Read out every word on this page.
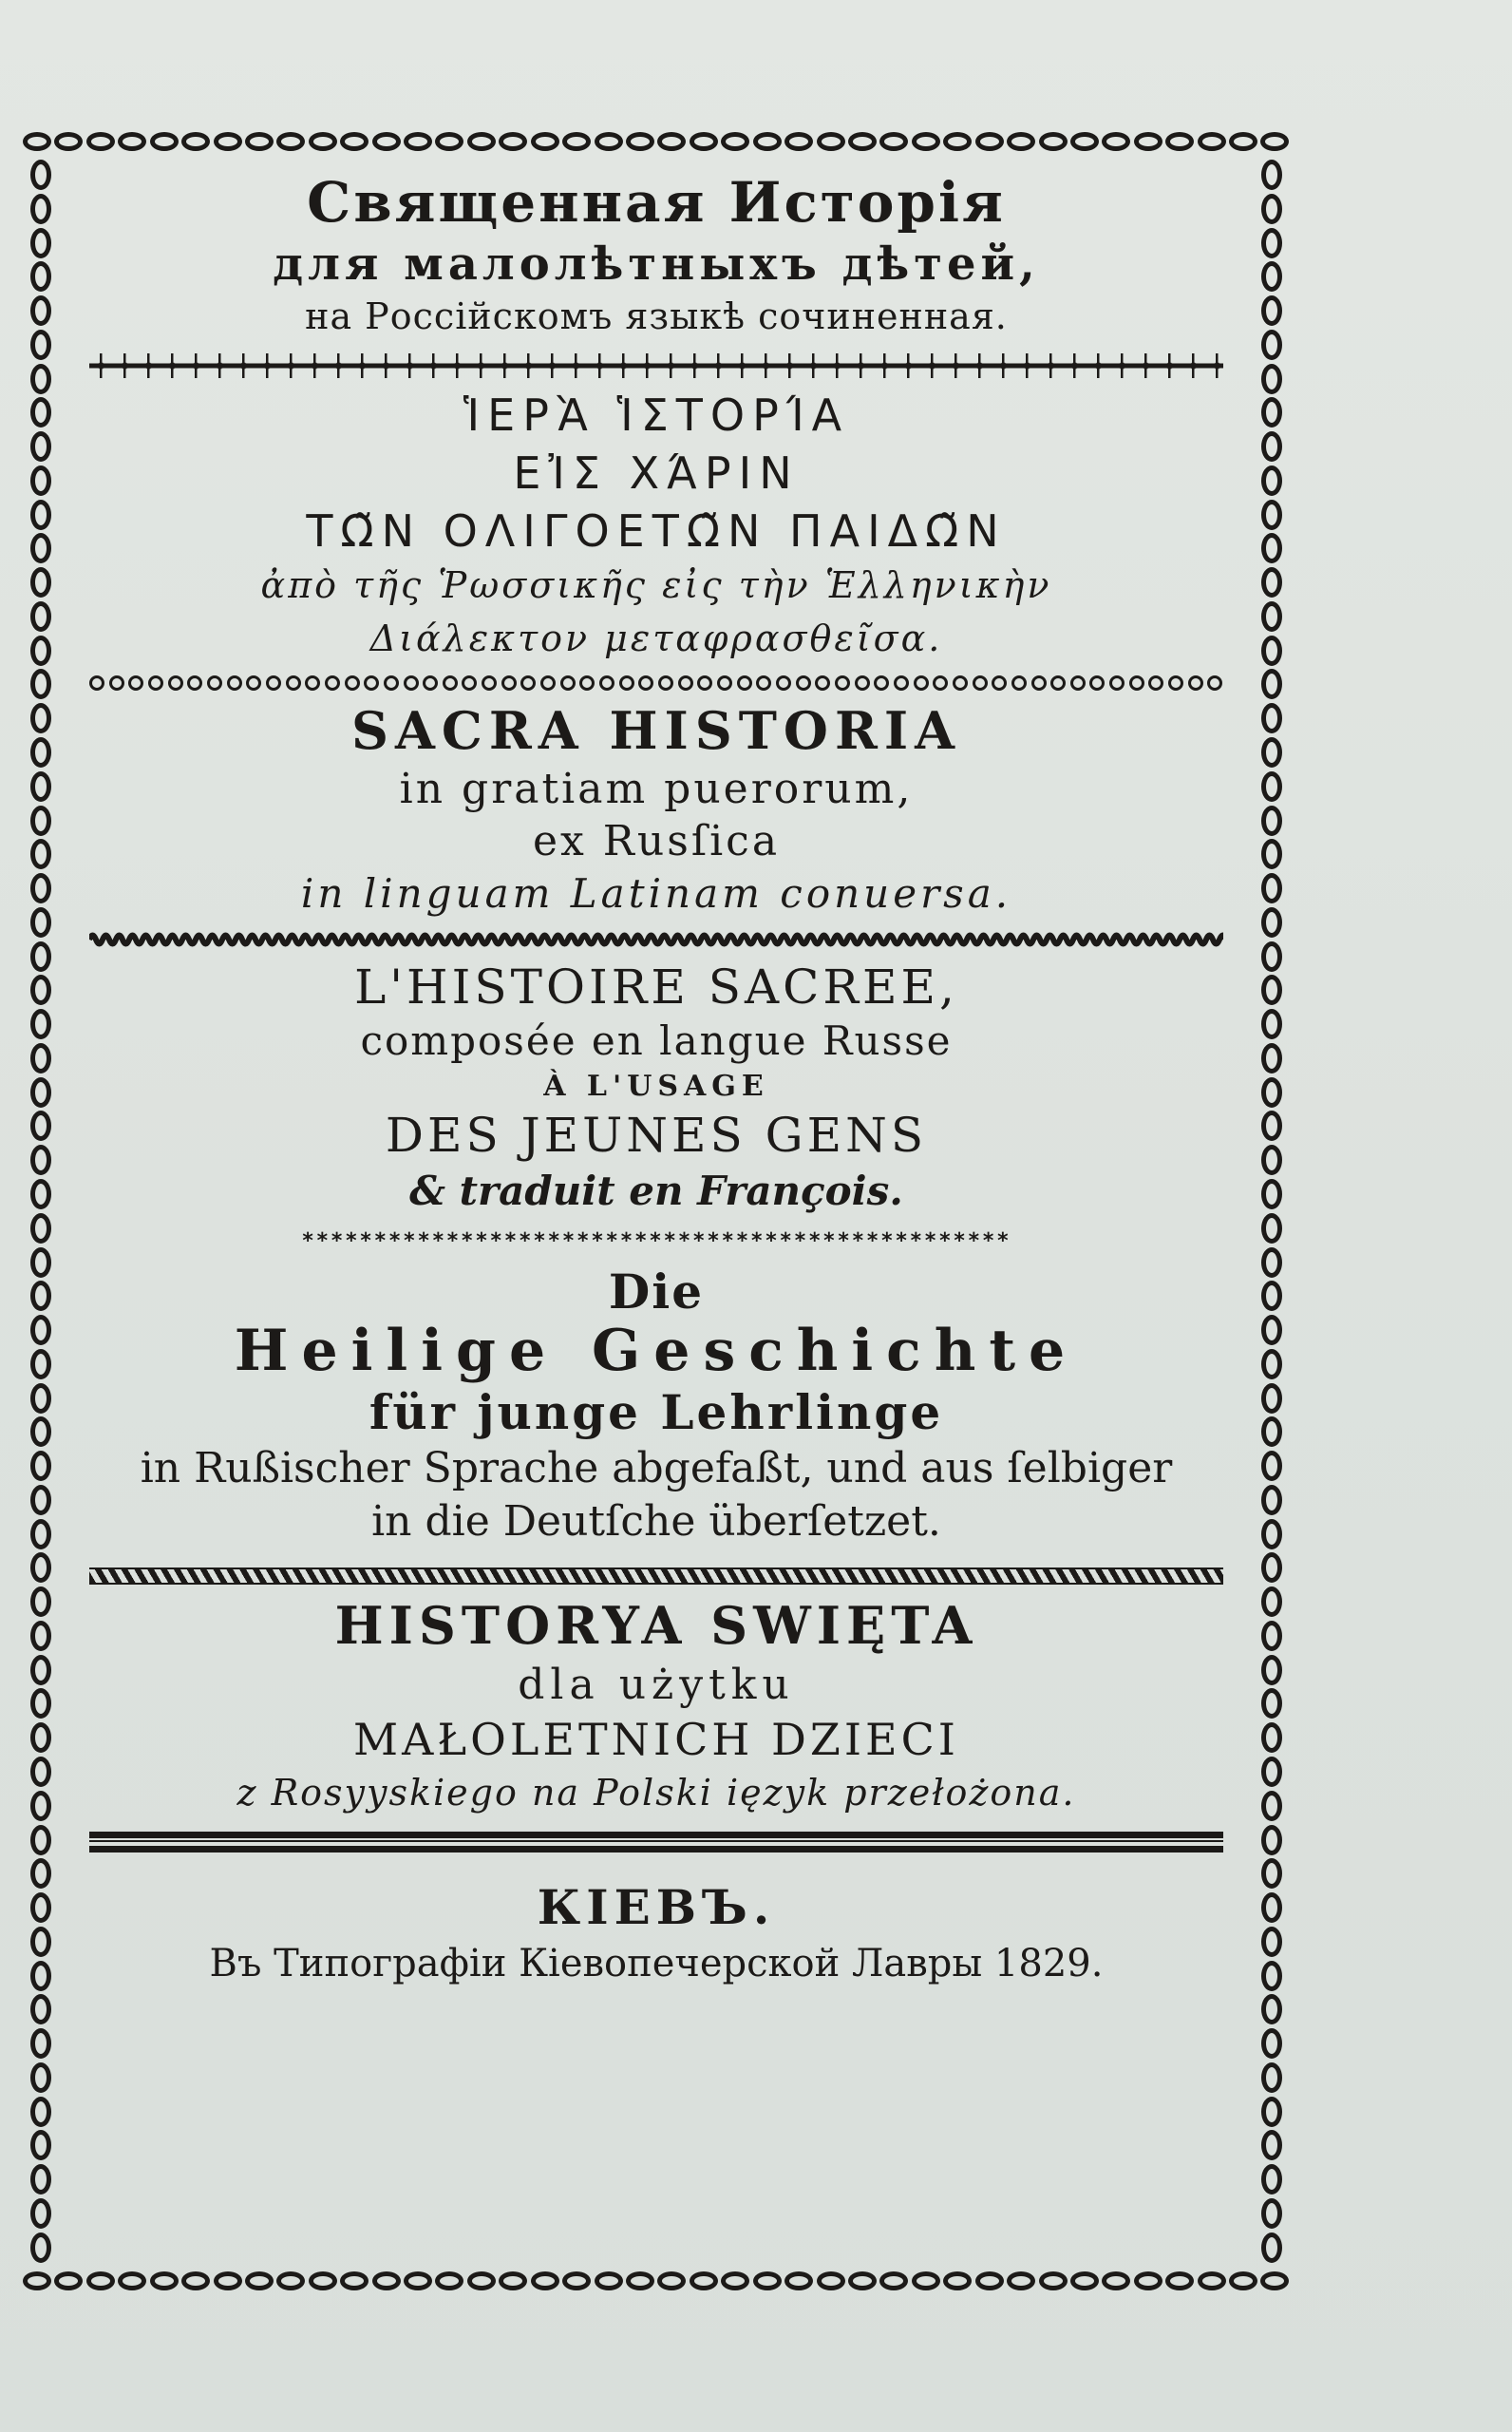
Священная Исторія
для малолѣтныхъ дѣтей,
на Россійскомъ языкѣ сочиненная.
ἹΕΡᾺ ἹΣΤΟΡΊΑ
ΕἸΣ ΧΆΡΙΝ
ΤΩ͂Ν ΟΛΙΓΟΕΤΩ͂Ν ΠΑΙΔΩ͂Ν
ἀπὸ τῆς Ῥωσσικῆς εἰς τὴν Ἑλληνικὴν
Διάλεκτον μεταφρασθεῖσα.
SACRA HISTORIA
in gratiam puerorum,
ex Rusſica
in linguam Latinam conuersa.
L'HISTOIRE SACREE,
composée en langue Russe
À L'USAGE
DES JEUNES GENS
& traduit en François.
*************************************************
Die
Heilige Geschichte
für junge Lehrlinge
in Rußischer Sprache abgefaßt, und aus ſelbiger
in die Deutſche überſetzet.
HISTORYA SWIĘTA
dla użytku
MAŁOLETNICH DZIECI
z Rosyyskiego na Polski ięzyk przełożona.
КІЕВЪ.
Въ Типографіи Кіевопечерской Лавры 1829.
